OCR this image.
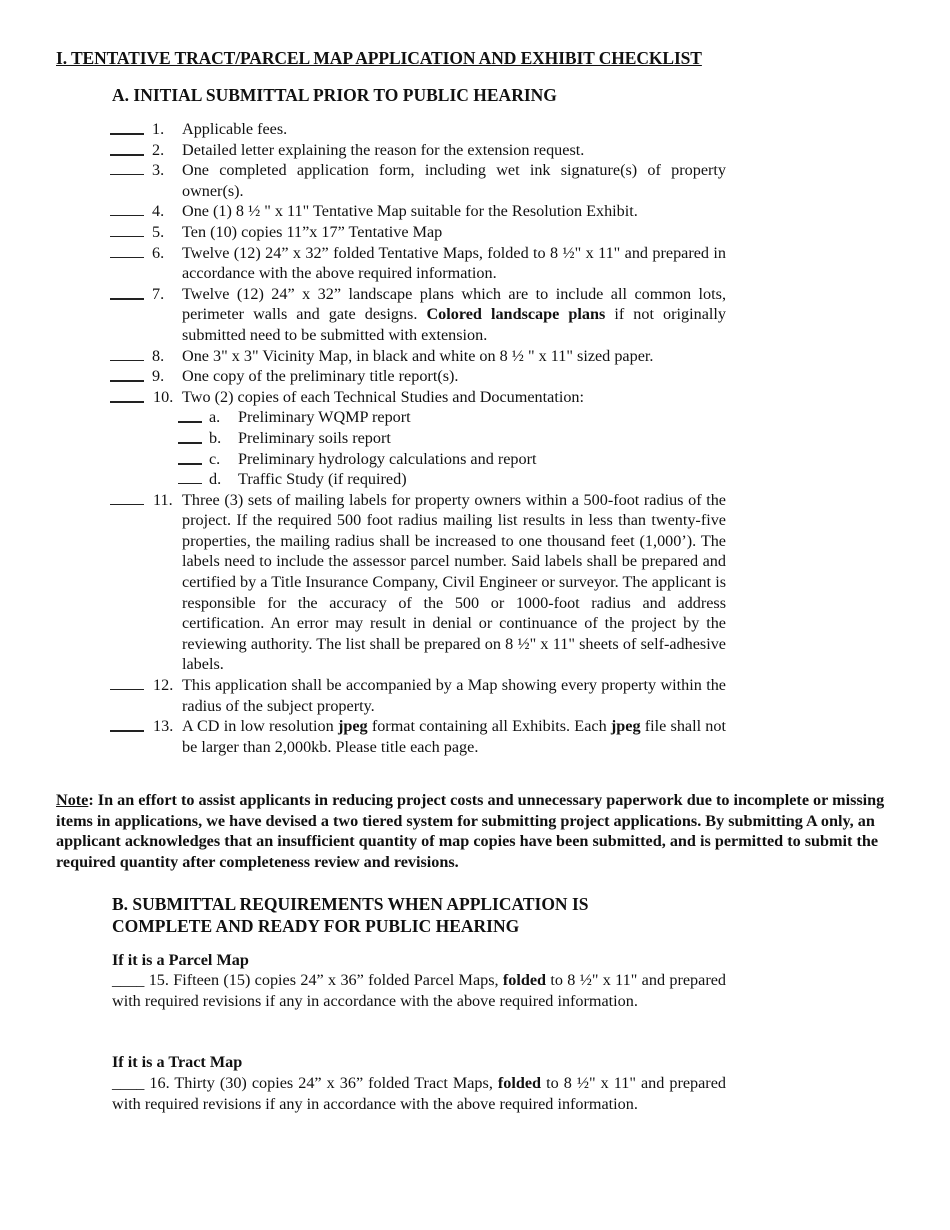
I. TENTATIVE TRACT/PARCEL MAP APPLICATION AND EXHIBIT CHECKLIST
A. INITIAL SUBMITTAL PRIOR TO PUBLIC HEARING
1. Applicable fees.
2. Detailed letter explaining the reason for the extension request.
3. One completed application form, including wet ink signature(s) of property owner(s).
4. One (1) 8 ½ " x 11" Tentative Map suitable for the Resolution Exhibit.
5. Ten (10) copies 11”x 17” Tentative Map
6. Twelve (12) 24” x 32” folded Tentative Maps, folded to 8 ½" x 11" and prepared in accordance with the above required information.
7. Twelve (12) 24” x 32” landscape plans which are to include all common lots, perimeter walls and gate designs. Colored landscape plans if not originally submitted need to be submitted with extension.
8. One 3" x 3" Vicinity Map, in black and white on 8 ½ " x 11" sized paper.
9. One copy of the preliminary title report(s).
10. Two (2) copies of each Technical Studies and Documentation:
a. Preliminary WQMP report
b. Preliminary soils report
c. Preliminary hydrology calculations and report
d. Traffic Study (if required)
11. Three (3) sets of mailing labels for property owners within a 500-foot radius of the project. If the required 500 foot radius mailing list results in less than twenty-five properties, the mailing radius shall be increased to one thousand feet (1,000’). The labels need to include the assessor parcel number. Said labels shall be prepared and certified by a Title Insurance Company, Civil Engineer or surveyor. The applicant is responsible for the accuracy of the 500 or 1000-foot radius and address certification. An error may result in denial or continuance of the project by the reviewing authority. The list shall be prepared on 8 ½" x 11" sheets of self-adhesive labels.
12. This application shall be accompanied by a Map showing every property within the radius of the subject property.
13. A CD in low resolution jpeg format containing all Exhibits. Each jpeg file shall not be larger than 2,000kb. Please title each page.
Note: In an effort to assist applicants in reducing project costs and unnecessary paperwork due to incomplete or missing items in applications, we have devised a two tiered system for submitting project applications. By submitting A only, an applicant acknowledges that an insufficient quantity of map copies have been submitted, and is permitted to submit the required quantity after completeness review and revisions.
B. SUBMITTAL REQUIREMENTS WHEN APPLICATION IS
COMPLETE AND READY FOR PUBLIC HEARING
If it is a Parcel Map
____ 15. Fifteen (15) copies 24” x 36” folded Parcel Maps, folded to 8 ½" x 11" and prepared with required revisions if any in accordance with the above required information.
If it is a Tract Map
____ 16. Thirty (30) copies 24” x 36” folded Tract Maps, folded to 8 ½" x 11" and prepared with required revisions if any in accordance with the above required information.
